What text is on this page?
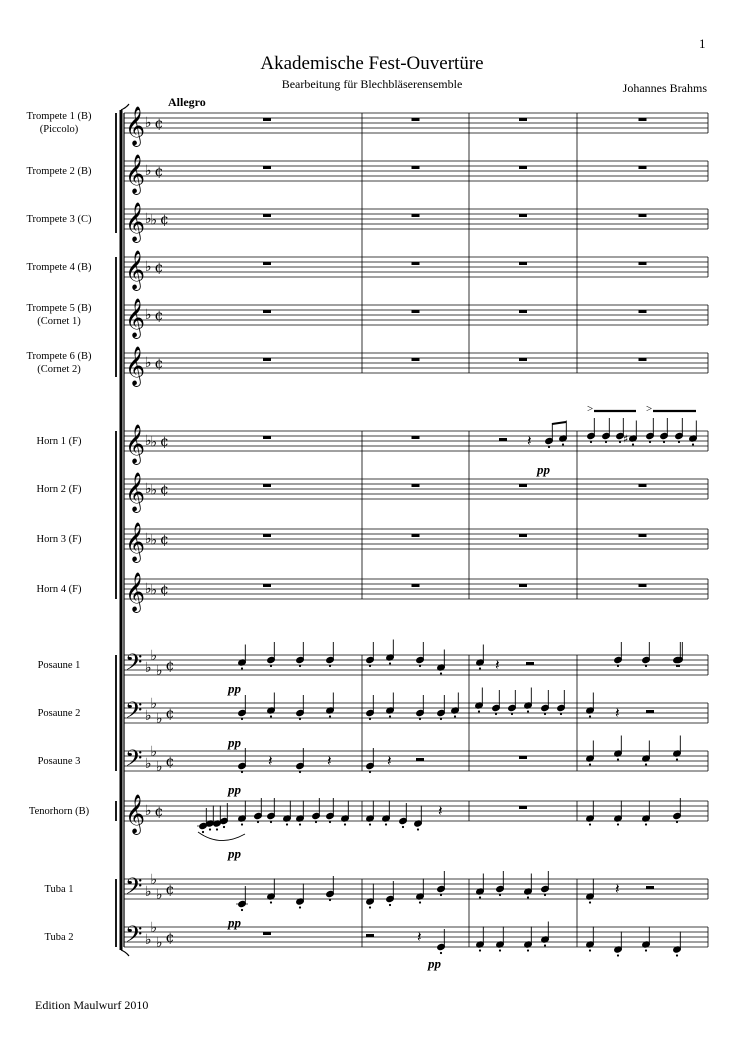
1
Akademische Fest-Ouvertüre
Bearbeitung für Blechbläserensemble	Johannes Brahms
Allegro
Edition Maulwurf 2010
Trompete 1 (B)
(Piccolo)
Trompete 2 (B)
Trompete 3 (C)
Trompete 4 (B)
Trompete 5 (B)
(Cornet 1)
Trompete 6 (B)
(Cornet 2)
Horn 1 (F)
Horn 2 (F)
Horn 3 (F)
Horn 4 (F)
Posaune 1
Posaune 2
Posaune 3
Tenorhorn (B)
Tuba 1
Tuba 2
𝄞 ♭ ¢
𝄞 ♭ ¢
𝄞 ♭
♭ ¢
𝄞 ♭ ¢
𝄞 ♭ ¢
𝄞 ♭ ¢
𝄞 ♭
♭ ¢
𝄞 ♭
♭ ¢
𝄞 ♭
♭ ¢
𝄞 ♭
♭ ¢
𝄢 ♭
♭
♭ ¢
𝄢 ♭
♭
♭ ¢
𝄢 ♭
♭
♭ ¢
𝄞 ♭ ¢
𝄢 ♭
♭
♭ ¢
𝄢 ♭
♭
♭ ¢
𝄽
pp
♯
>	>
𝄽
pp
𝄽
pp
𝄽	𝄽	𝄽
pp
𝄽
pp
𝄽
pp
𝄽
pp
